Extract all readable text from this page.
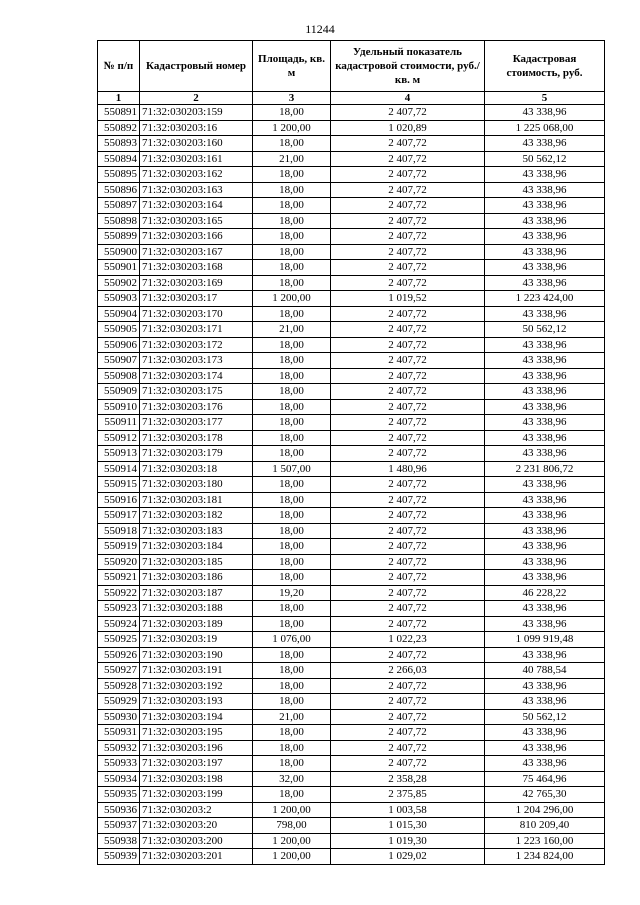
11244
№ п/п	Кадастровый номер	Площадь, кв. м	Удельный показатель кадастровой стоимости, руб./кв. м	Кадастровая стоимость, руб.
1	2	3	4	5
550891	71:32:030203:159	18,00	2 407,72	43 338,96
550892	71:32:030203:16	1 200,00	1 020,89	1 225 068,00
550893	71:32:030203:160	18,00	2 407,72	43 338,96
550894	71:32:030203:161	21,00	2 407,72	50 562,12
550895	71:32:030203:162	18,00	2 407,72	43 338,96
550896	71:32:030203:163	18,00	2 407,72	43 338,96
550897	71:32:030203:164	18,00	2 407,72	43 338,96
550898	71:32:030203:165	18,00	2 407,72	43 338,96
550899	71:32:030203:166	18,00	2 407,72	43 338,96
550900	71:32:030203:167	18,00	2 407,72	43 338,96
550901	71:32:030203:168	18,00	2 407,72	43 338,96
550902	71:32:030203:169	18,00	2 407,72	43 338,96
550903	71:32:030203:17	1 200,00	1 019,52	1 223 424,00
550904	71:32:030203:170	18,00	2 407,72	43 338,96
550905	71:32:030203:171	21,00	2 407,72	50 562,12
550906	71:32:030203:172	18,00	2 407,72	43 338,96
550907	71:32:030203:173	18,00	2 407,72	43 338,96
550908	71:32:030203:174	18,00	2 407,72	43 338,96
550909	71:32:030203:175	18,00	2 407,72	43 338,96
550910	71:32:030203:176	18,00	2 407,72	43 338,96
550911	71:32:030203:177	18,00	2 407,72	43 338,96
550912	71:32:030203:178	18,00	2 407,72	43 338,96
550913	71:32:030203:179	18,00	2 407,72	43 338,96
550914	71:32:030203:18	1 507,00	1 480,96	2 231 806,72
550915	71:32:030203:180	18,00	2 407,72	43 338,96
550916	71:32:030203:181	18,00	2 407,72	43 338,96
550917	71:32:030203:182	18,00	2 407,72	43 338,96
550918	71:32:030203:183	18,00	2 407,72	43 338,96
550919	71:32:030203:184	18,00	2 407,72	43 338,96
550920	71:32:030203:185	18,00	2 407,72	43 338,96
550921	71:32:030203:186	18,00	2 407,72	43 338,96
550922	71:32:030203:187	19,20	2 407,72	46 228,22
550923	71:32:030203:188	18,00	2 407,72	43 338,96
550924	71:32:030203:189	18,00	2 407,72	43 338,96
550925	71:32:030203:19	1 076,00	1 022,23	1 099 919,48
550926	71:32:030203:190	18,00	2 407,72	43 338,96
550927	71:32:030203:191	18,00	2 266,03	40 788,54
550928	71:32:030203:192	18,00	2 407,72	43 338,96
550929	71:32:030203:193	18,00	2 407,72	43 338,96
550930	71:32:030203:194	21,00	2 407,72	50 562,12
550931	71:32:030203:195	18,00	2 407,72	43 338,96
550932	71:32:030203:196	18,00	2 407,72	43 338,96
550933	71:32:030203:197	18,00	2 407,72	43 338,96
550934	71:32:030203:198	32,00	2 358,28	75 464,96
550935	71:32:030203:199	18,00	2 375,85	42 765,30
550936	71:32:030203:2	1 200,00	1 003,58	1 204 296,00
550937	71:32:030203:20	798,00	1 015,30	810 209,40
550938	71:32:030203:200	1 200,00	1 019,30	1 223 160,00
550939	71:32:030203:201	1 200,00	1 029,02	1 234 824,00
